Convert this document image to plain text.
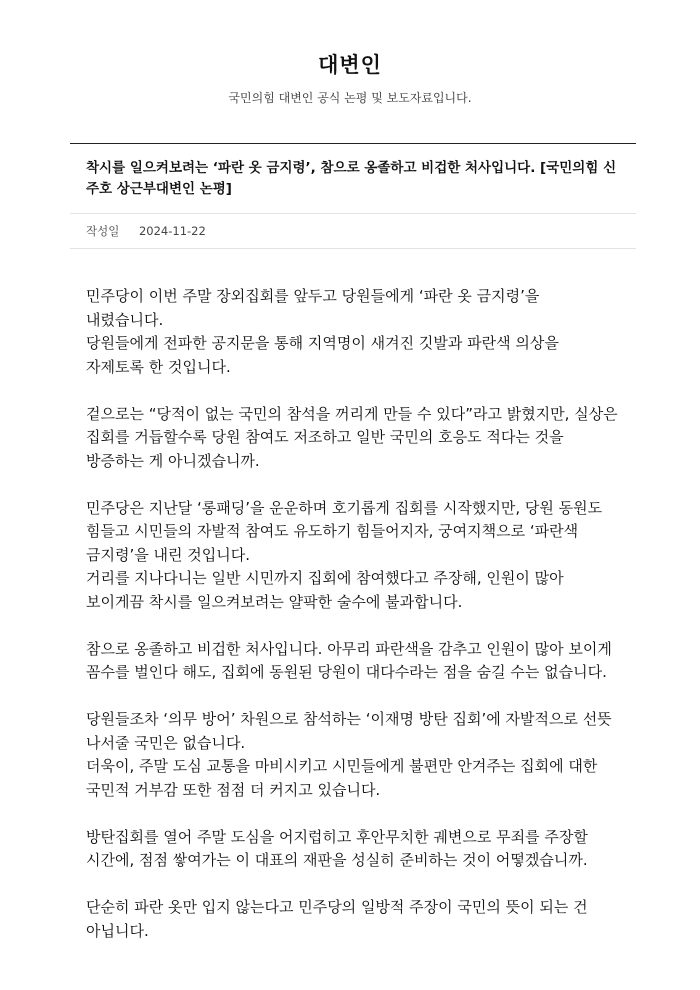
대변인
국민의힘 대변인 공식 논평 및 보도자료입니다.
착시를 일으켜보려는 ‘파란 옷 금지령’, 참으로 옹졸하고 비겁한 처사입니다. [국민의힘 신주호 상근부대변인 논평]
작성일 2024-11-22

민주당이 이번 주말 장외집회를 앞두고 당원들에게 ‘파란 옷 금지령’을 내렸습니다.
당원들에게 전파한 공지문을 통해 지역명이 새겨진 깃발과 파란색 의상을 자제토록 한 것입니다.

겉으로는 “당적이 없는 국민의 참석을 꺼리게 만들 수 있다”라고 밝혔지만, 실상은 집회를 거듭할수록 당원 참여도 저조하고 일반 국민의 호응도 적다는 것을 방증하는 게 아니겠습니까.

민주당은 지난달 ‘롱패딩’을 운운하며 호기롭게 집회를 시작했지만, 당원 동원도 힘들고 시민들의 자발적 참여도 유도하기 힘들어지자, 궁여지책으로 ‘파란색 금지령’을 내린 것입니다.
거리를 지나다니는 일반 시민까지 집회에 참여했다고 주장해, 인원이 많아 보이게끔 착시를 일으켜보려는 얄팍한 술수에 불과합니다.

참으로 옹졸하고 비겁한 처사입니다. 아무리 파란색을 감추고 인원이 많아 보이게 꼼수를 벌인다 해도, 집회에 동원된 당원이 대다수라는 점을 숨길 수는 없습니다.

당원들조차 ‘의무 방어’ 차원으로 참석하는 ‘이재명 방탄 집회’에 자발적으로 선뜻 나서줄 국민은 없습니다.
더욱이, 주말 도심 교통을 마비시키고 시민들에게 불편만 안겨주는 집회에 대한 국민적 거부감 또한 점점 더 커지고 있습니다.

방탄집회를 열어 주말 도심을 어지럽히고 후안무치한 궤변으로 무죄를 주장할 시간에, 점점 쌓여가는 이 대표의 재판을 성실히 준비하는 것이 어떻겠습니까.

단순히 파란 옷만 입지 않는다고 민주당의 일방적 주장이 국민의 뜻이 되는 건 아닙니다.
